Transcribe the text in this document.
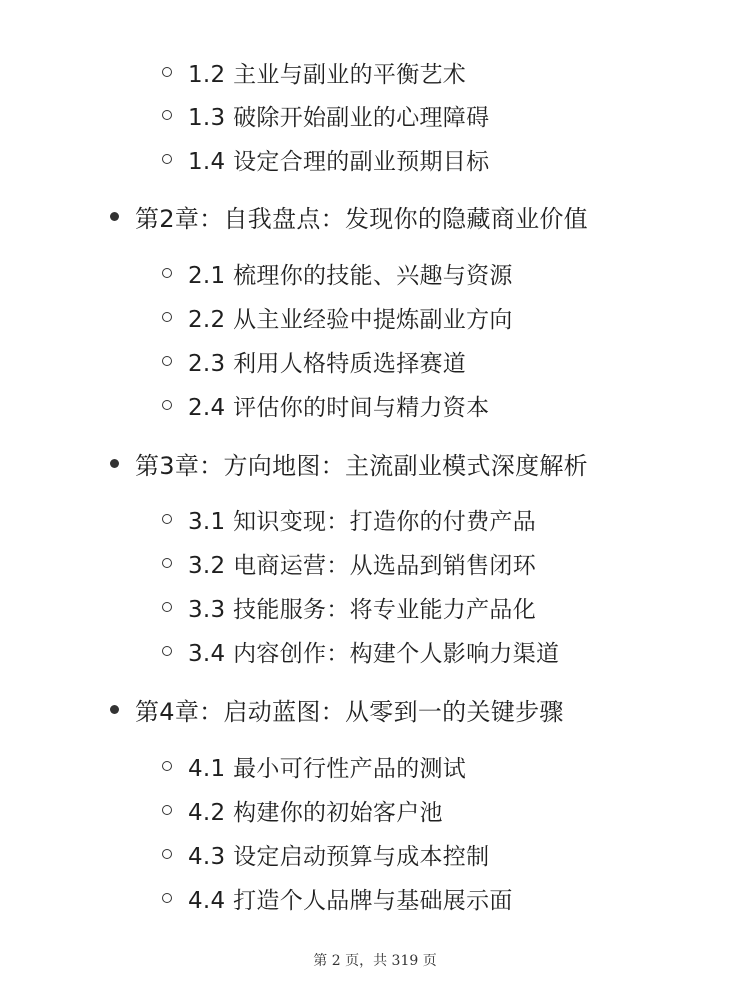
1.2 主业与副业的平衡艺术
1.3 破除开始副业的心理障碍
1.4 设定合理的副业预期目标
第2章：自我盘点：发现你的隐藏商业价值
2.1 梳理你的技能、兴趣与资源
2.2 从主业经验中提炼副业方向
2.3 利用人格特质选择赛道
2.4 评估你的时间与精力资本
第3章：方向地图：主流副业模式深度解析
3.1 知识变现：打造你的付费产品
3.2 电商运营：从选品到销售闭环
3.3 技能服务：将专业能力产品化
3.4 内容创作：构建个人影响力渠道
第4章：启动蓝图：从零到一的关键步骤
4.1 最小可行性产品的测试
4.2 构建你的初始客户池
4.3 设定启动预算与成本控制
4.4 打造个人品牌与基础展示面
第 2 页，共 319 页
